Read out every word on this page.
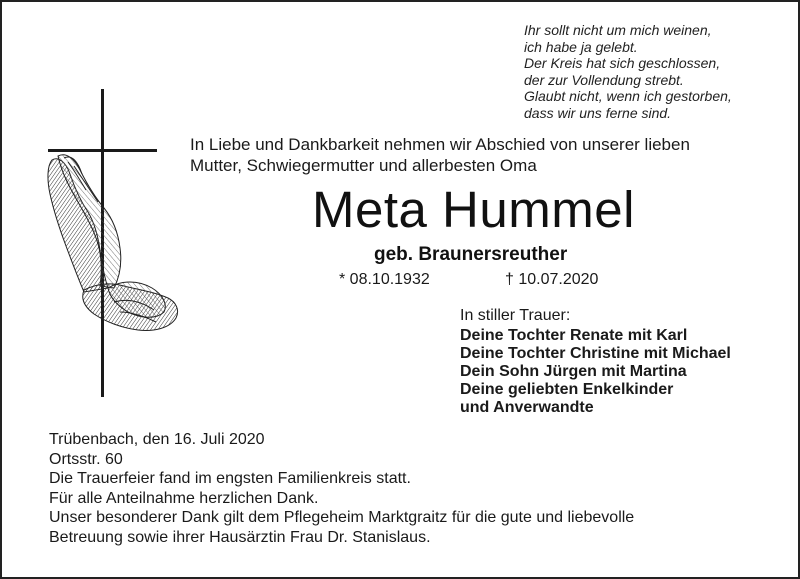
Ihr sollt nicht um mich weinen,
ich habe ja gelebt.
Der Kreis hat sich geschlossen,
der zur Vollendung strebt.
Glaubt nicht, wenn ich gestorben,
dass wir uns ferne sind.
In Liebe und Dankbarkeit nehmen wir Abschied von unserer lieben
Mutter, Schwiegermutter und allerbesten Oma
Meta Hummel
geb. Braunersreuther
* 08.10.1932	† 10.07.2020
In stiller Trauer:
Deine Tochter Renate mit Karl
Deine Tochter Christine mit Michael
Dein Sohn Jürgen mit Martina
Deine geliebten Enkelkinder
und Anverwandte
Trübenbach, den 16. Juli 2020
Ortsstr. 60
Die Trauerfeier fand im engsten Familienkreis statt.
Für alle Anteilnahme herzlichen Dank.
Unser besonderer Dank gilt dem Pflegeheim Marktgraitz für die gute und liebevolle
Betreuung sowie ihrer Hausärztin Frau Dr. Stanislaus.
